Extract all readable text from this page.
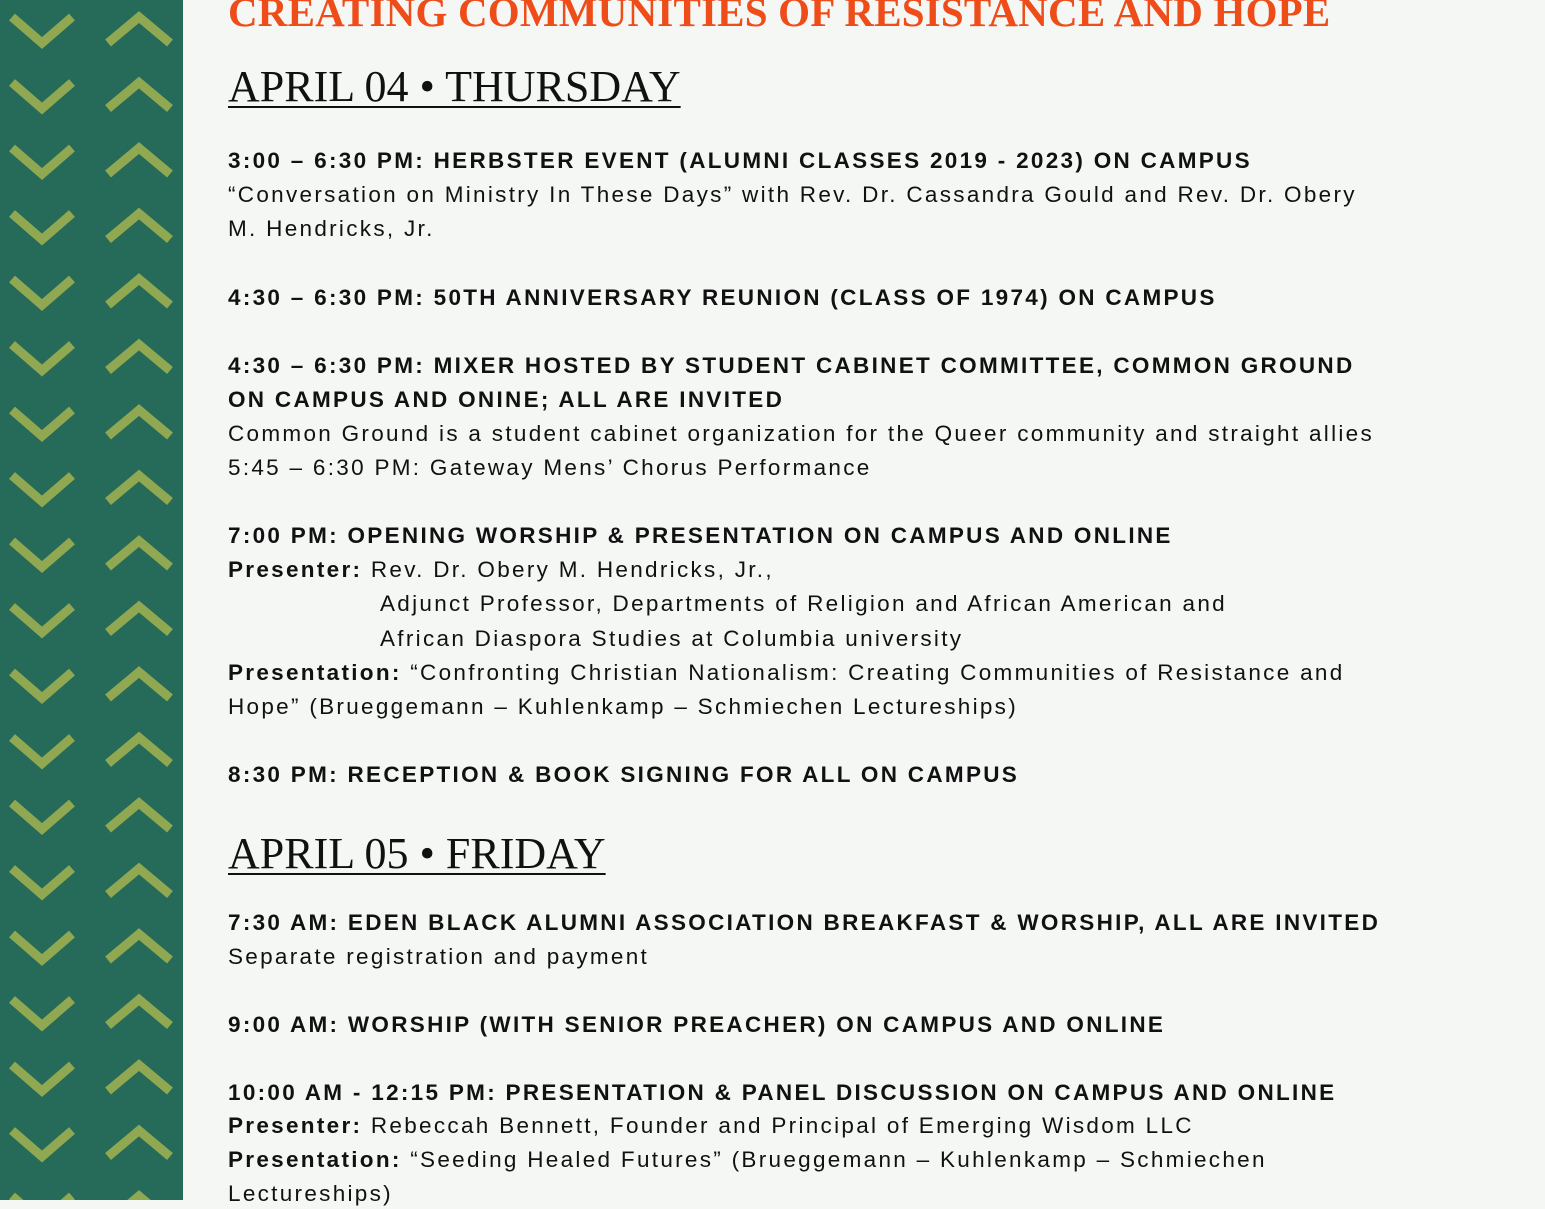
CREATING COMMUNITIES OF RESISTANCE AND HOPE
APRIL 04 • THURSDAY
3:00 – 6:30 PM: HERBSTER EVENT (ALUMNI CLASSES 2019 - 2023) ON CAMPUS
“Conversation on Ministry In These Days” with Rev. Dr. Cassandra Gould and Rev. Dr. Obery
M. Hendricks, Jr.
4:30 – 6:30 PM: 50TH ANNIVERSARY REUNION (CLASS OF 1974) ON CAMPUS
4:30 – 6:30 PM: MIXER HOSTED BY STUDENT CABINET COMMITTEE, COMMON GROUND
ON CAMPUS AND ONINE; ALL ARE INVITED
Common Ground is a student cabinet organization for the Queer community and straight allies
5:45 – 6:30 PM: Gateway Mens’ Chorus Performance
7:00 PM: OPENING WORSHIP & PRESENTATION ON CAMPUS AND ONLINE
Presenter: Rev. Dr. Obery M. Hendricks, Jr.,
Adjunct Professor, Departments of Religion and African American and
African Diaspora Studies at Columbia university
Presentation: “Confronting Christian Nationalism: Creating Communities of Resistance and
Hope” (Brueggemann – Kuhlenkamp – Schmiechen Lectureships)
8:30 PM: RECEPTION & BOOK SIGNING FOR ALL ON CAMPUS
APRIL 05 • FRIDAY
7:30 AM: EDEN BLACK ALUMNI ASSOCIATION BREAKFAST & WORSHIP, ALL ARE INVITED
Separate registration and payment
9:00 AM: WORSHIP (WITH SENIOR PREACHER) ON CAMPUS AND ONLINE
10:00 AM - 12:15 PM: PRESENTATION & PANEL DISCUSSION ON CAMPUS AND ONLINE
Presenter: Rebeccah Bennett, Founder and Principal of Emerging Wisdom LLC
Presentation: “Seeding Healed Futures” (Brueggemann – Kuhlenkamp – Schmiechen
Lectureships)
